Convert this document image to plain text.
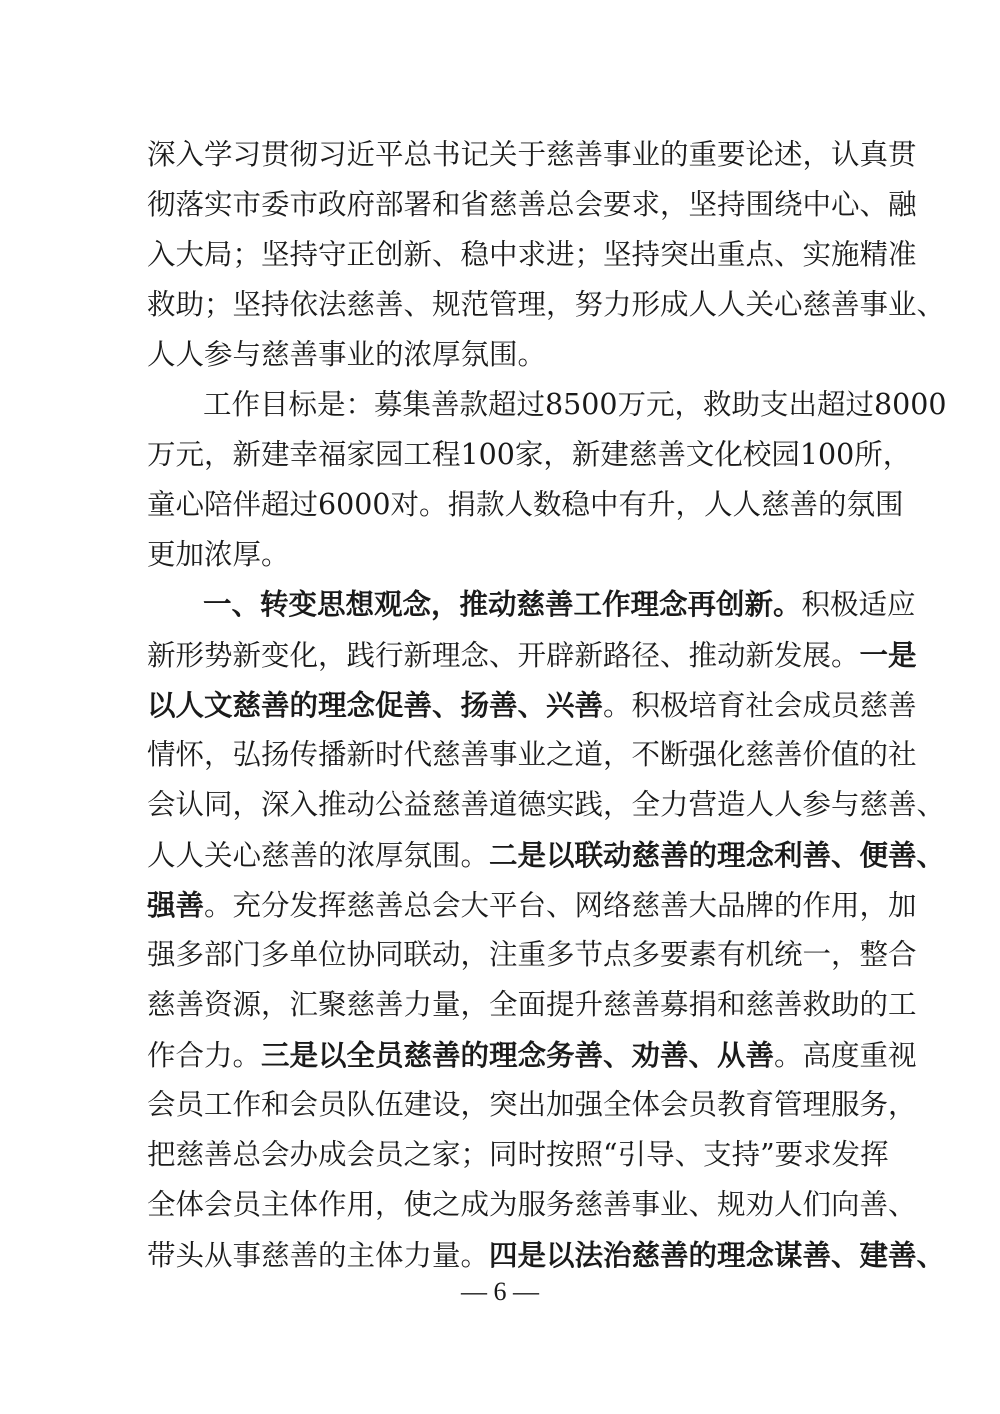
深入学习贯彻习近平总书记关于慈善事业的重要论述，认真贯
彻落实市委市政府部署和省慈善总会要求，坚持围绕中心、融
入大局；坚持守正创新、稳中求进；坚持突出重点、实施精准
救助；坚持依法慈善、规范管理，努力形成人人关心慈善事业、
人人参与慈善事业的浓厚氛围。
工作目标是：募集善款超过8500万元，救助支出超过8000
万元，新建幸福家园工程100家，新建慈善文化校园100所，
童心陪伴超过6000对。捐款人数稳中有升，人人慈善的氛围
更加浓厚。
一、转变思想观念，推动慈善工作理念再创新。积极适应
新形势新变化，践行新理念、开辟新路径、推动新发展。一是
以人文慈善的理念促善、扬善、兴善。积极培育社会成员慈善
情怀，弘扬传播新时代慈善事业之道，不断强化慈善价值的社
会认同，深入推动公益慈善道德实践，全力营造人人参与慈善、
人人关心慈善的浓厚氛围。二是以联动慈善的理念利善、便善、
强善。充分发挥慈善总会大平台、网络慈善大品牌的作用，加
强多部门多单位协同联动，注重多节点多要素有机统一，整合
慈善资源，汇聚慈善力量，全面提升慈善募捐和慈善救助的工
作合力。三是以全员慈善的理念务善、劝善、从善。高度重视
会员工作和会员队伍建设，突出加强全体会员教育管理服务，
把慈善总会办成会员之家；同时按照“引导、支持”要求发挥
全体会员主体作用，使之成为服务慈善事业、规劝人们向善、
带头从事慈善的主体力量。四是以法治慈善的理念谋善、建善、
— 6 —
